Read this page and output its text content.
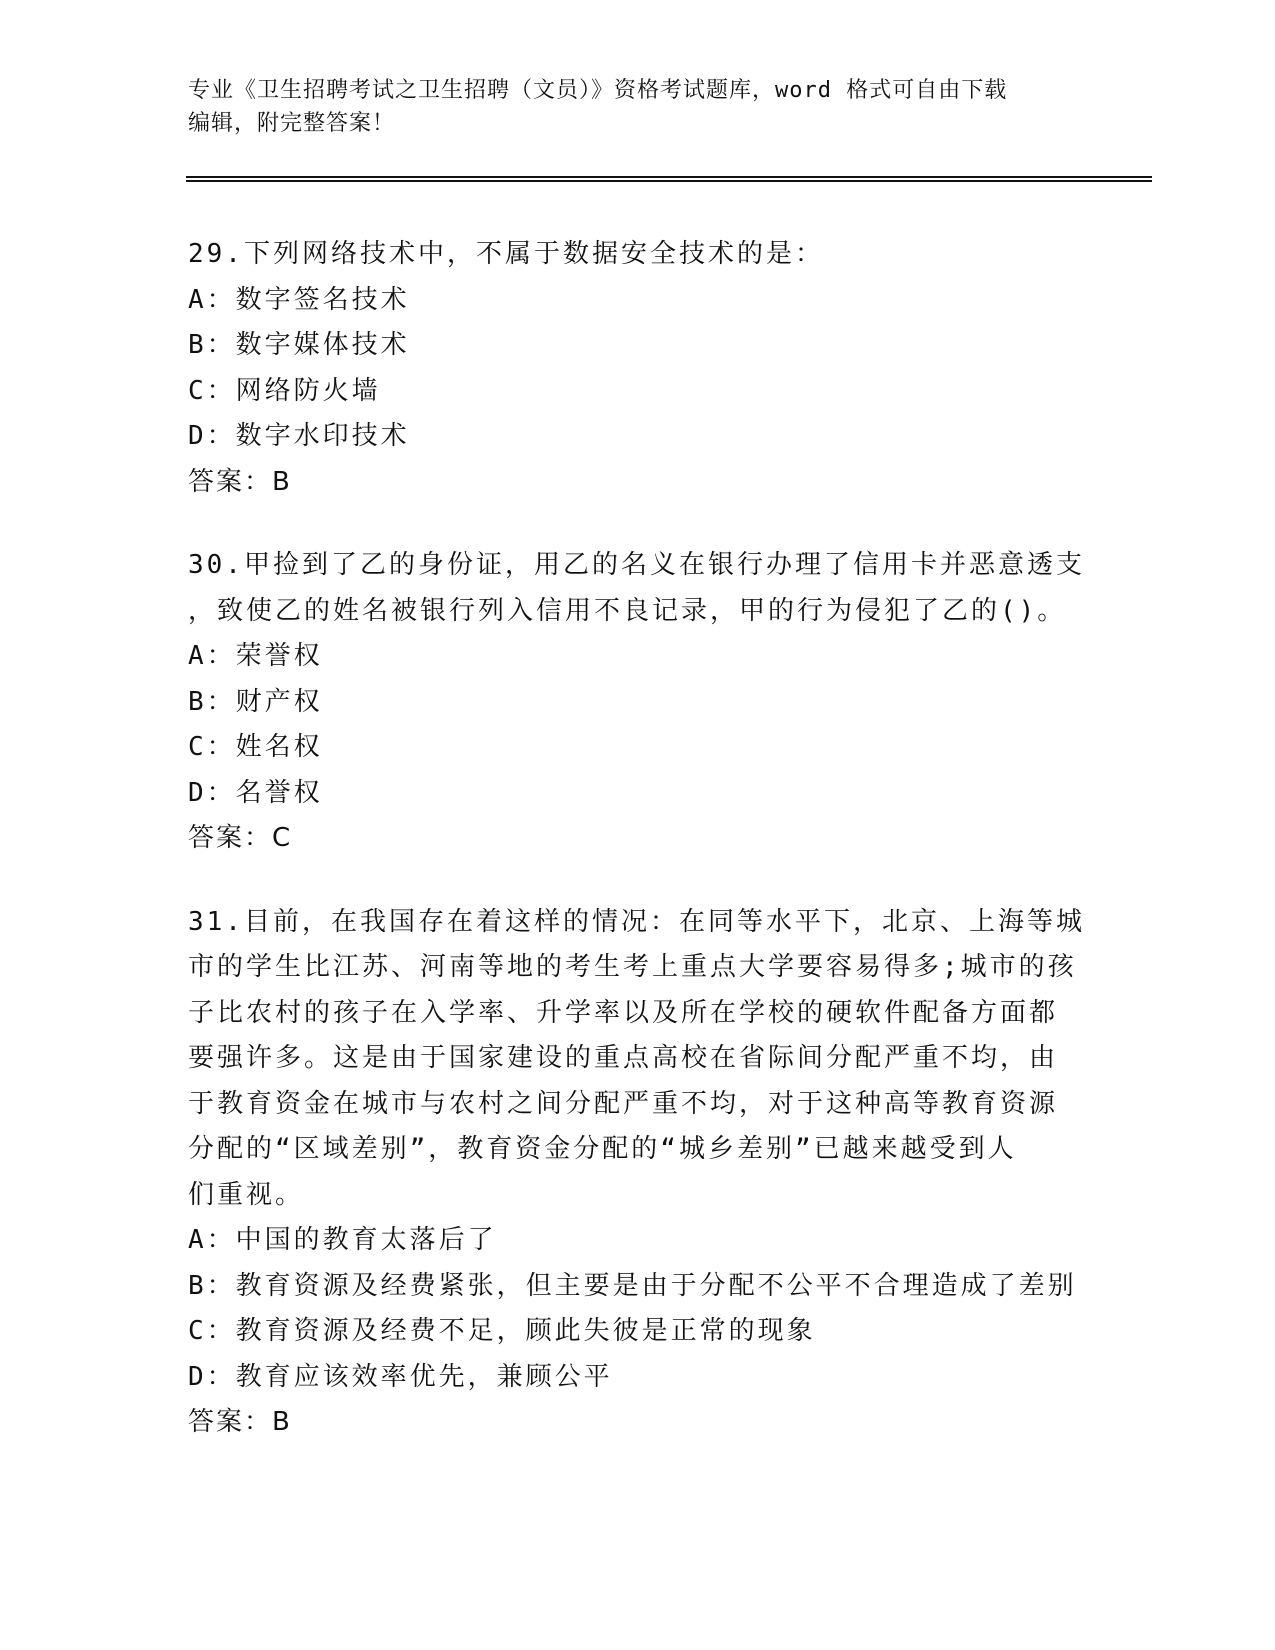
专业《卫生招聘考试之卫生招聘（文员）》资格考试题库，word 格式可自由下载
编辑，附完整答案！
29.下列网络技术中，不属于数据安全技术的是：
A：数字签名技术
B：数字媒体技术
C：网络防火墙
D：数字水印技术
答案：B
30.甲捡到了乙的身份证，用乙的名义在银行办理了信用卡并恶意透支
，致使乙的姓名被银行列入信用不良记录，甲的行为侵犯了乙的()。
A：荣誉权
B：财产权
C：姓名权
D：名誉权
答案：C
31.目前，在我国存在着这样的情况：在同等水平下，北京、上海等城
市的学生比江苏、河南等地的考生考上重点大学要容易得多;城市的孩
子比农村的孩子在入学率、升学率以及所在学校的硬软件配备方面都
要强许多。这是由于国家建设的重点高校在省际间分配严重不均，由
于教育资金在城市与农村之间分配严重不均，对于这种高等教育资源
分配的“区域差别”，教育资金分配的“城乡差别”已越来越受到人
们重视。
A：中国的教育太落后了
B：教育资源及经费紧张，但主要是由于分配不公平不合理造成了差别
C：教育资源及经费不足，顾此失彼是正常的现象
D：教育应该效率优先，兼顾公平
答案：B
